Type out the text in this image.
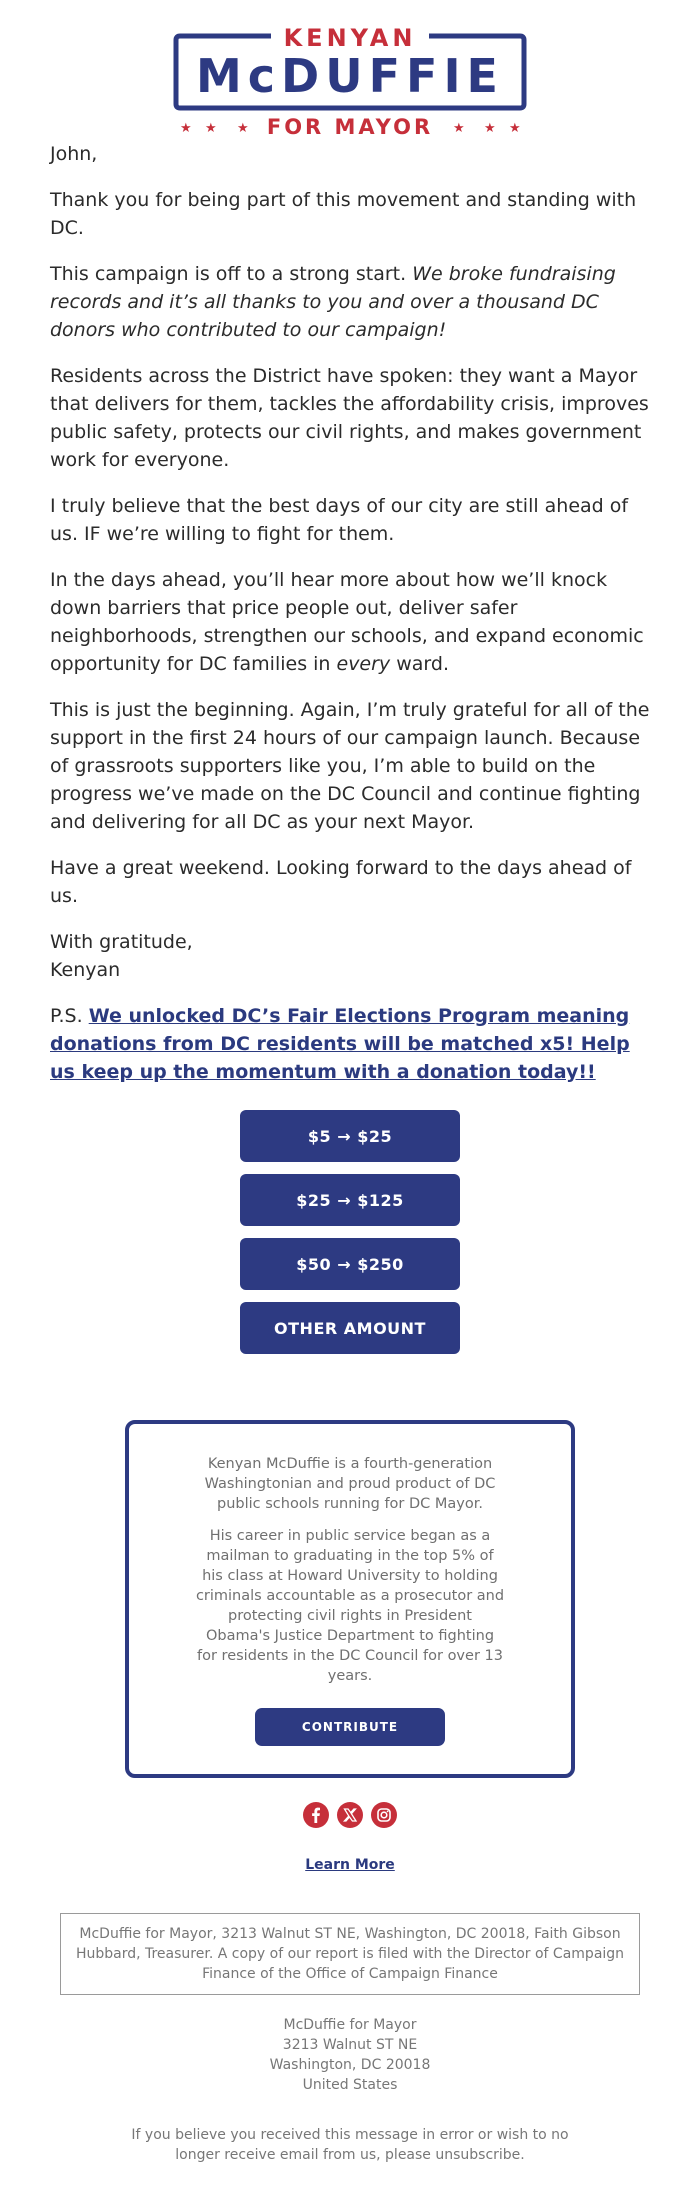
KENYAN
McDUFFIE
★ ★ ★ FOR MAYOR ★ ★ ★

John,

Thank you for being part of this movement and standing with DC.

This campaign is off to a strong start. We broke fundraising records and it’s all thanks to you and over a thousand DC donors who contributed to our campaign!

Residents across the District have spoken: they want a Mayor that delivers for them, tackles the affordability crisis, improves public safety, protects our civil rights, and makes government work for everyone.

I truly believe that the best days of our city are still ahead of us. IF we’re willing to fight for them.

In the days ahead, you’ll hear more about how we’ll knock down barriers that price people out, deliver safer neighborhoods, strengthen our schools, and expand economic opportunity for DC families in every ward.

This is just the beginning. Again, I’m truly grateful for all of the support in the first 24 hours of our campaign launch. Because of grassroots supporters like you, I’m able to build on the progress we’ve made on the DC Council and continue fighting and delivering for all DC as your next Mayor.

Have a great weekend. Looking forward to the days ahead of us.

With gratitude,
Kenyan

P.S. We unlocked DC’s Fair Elections Program meaning donations from DC residents will be matched x5! Help us keep up the momentum with a donation today!!

$5 → $25
$25 → $125
$50 → $250
OTHER AMOUNT

Kenyan McDuffie is a fourth-generation Washingtonian and proud product of DC public schools running for DC Mayor.

His career in public service began as a mailman to graduating in the top 5% of his class at Howard University to holding criminals accountable as a prosecutor and protecting civil rights in President Obama's Justice Department to fighting for residents in the DC Council for over 13 years.

CONTRIBUTE
Learn More
McDuffie for Mayor, 3213 Walnut ST NE, Washington, DC 20018, Faith Gibson Hubbard, Treasurer. A copy of our report is filed with the Director of Campaign Finance of the Office of Campaign Finance
McDuffie for Mayor
3213 Walnut ST NE
Washington, DC 20018
United States
If you believe you received this message in error or wish to no longer receive email from us, please unsubscribe.
